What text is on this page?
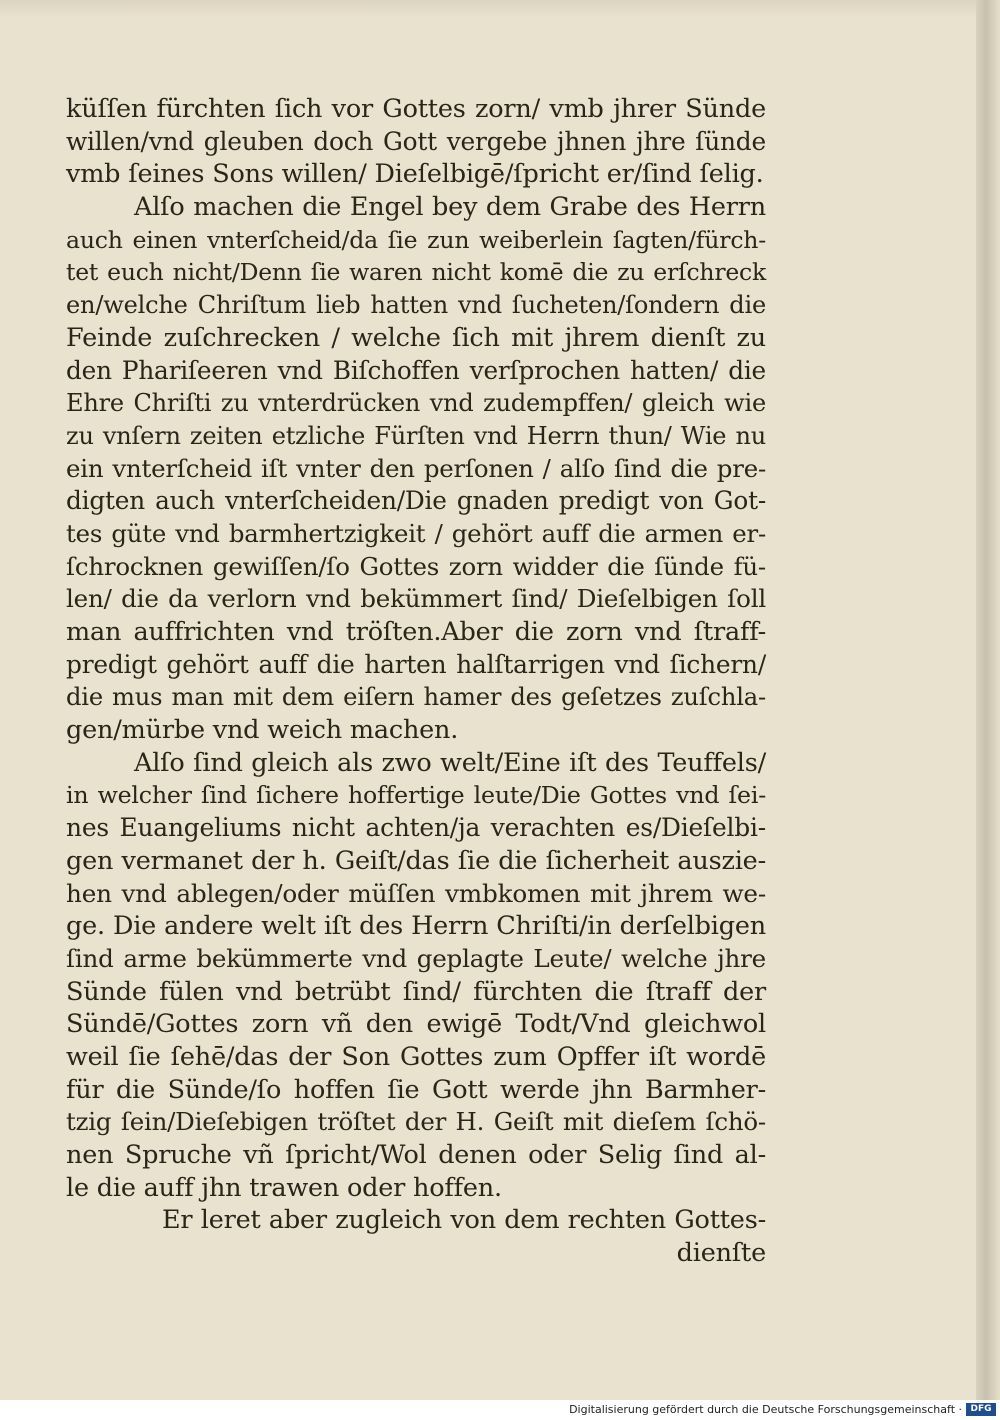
küſſen fürchten ſich vor Gottes zorn/ vmb jhrer Sünde
willen/vnd gleuben doch Gott vergebe jhnen jhre ſünde
vmb ſeines Sons willen/ Dieſelbigē/ſpricht er/ſind ſelig.
Alſo machen die Engel bey dem Grabe des Herrn
auch einen vnterſcheid/da ſie zun weiberlein ſagten/fürch-
tet euch nicht/Denn ſie waren nicht komē die zu erſchreck
en/welche Chriſtum lieb hatten vnd ſucheten/ſondern die
Feinde zuſchrecken / welche ſich mit jhrem dienſt zu
den Phariſeeren vnd Biſchoffen verſprochen hatten/ die
Ehre Chriſti zu vnterdrücken vnd zudempffen/ gleich wie
zu vnſern zeiten etzliche Fürſten vnd Herrn thun/ Wie nu
ein vnterſcheid iſt vnter den perſonen / alſo ſind die pre-
digten auch vnterſcheiden/Die gnaden predigt von Got-
tes güte vnd barmhertzigkeit / gehört auff die armen er-
ſchrocknen gewiſſen/ſo Gottes zorn widder die ſünde fü-
len/ die da verlorn vnd bekümmert ſind/ Dieſelbigen ſoll
man auffrichten vnd tröſten.Aber die zorn vnd ſtraff-
predigt gehört auff die harten halſtarrigen vnd ſichern/
die mus man mit dem eiſern hamer des geſetzes zuſchla-
gen/mürbe vnd weich machen.
Alſo ſind gleich als zwo welt/Eine iſt des Teuffels/
in welcher ſind ſichere hoffertige leute/Die Gottes vnd ſei-
nes Euangeliums nicht achten/ja verachten es/Dieſelbi-
gen vermanet der h. Geiſt/das ſie die ſicherheit auszie-
hen vnd ablegen/oder müſſen vmbkomen mit jhrem we-
ge. Die andere welt iſt des Herrn Chriſti/in derſelbigen
ſind arme bekümmerte vnd geplagte Leute/ welche jhre
Sünde fülen vnd betrübt ſind/ fürchten die ſtraff der
Sündē/Gottes zorn vñ den ewigē Todt/Vnd gleichwol
weil ſie ſehē/das der Son Gottes zum Opffer iſt wordē
für die Sünde/ſo hoffen ſie Gott werde jhn Barmher-
tzig ſein/Dieſebigen tröſtet der H. Geiſt mit dieſem ſchö-
nen Spruche vñ ſpricht/Wol denen oder Selig ſind al-
le die auff jhn trawen oder hoffen.
Er leret aber zugleich von dem rechten Gottes-
dienſte
Digitalisierung gefördert durch die Deutsche Forschungsgemeinschaft · DFG
